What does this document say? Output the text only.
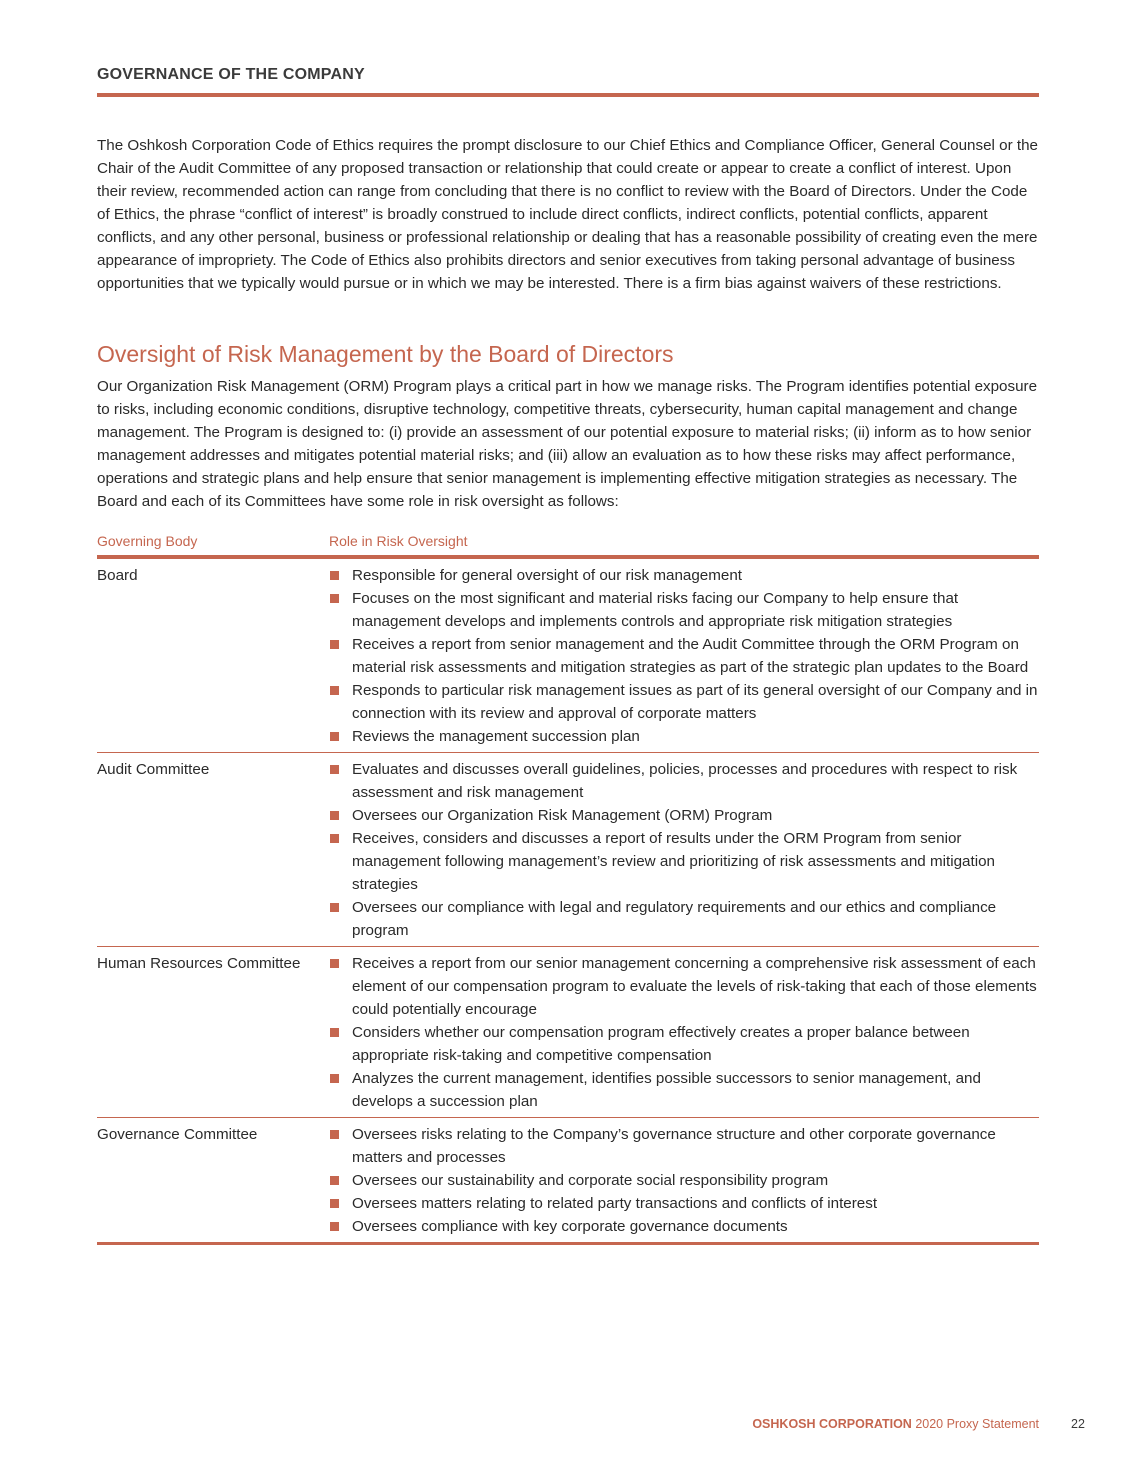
GOVERNANCE OF THE COMPANY

The Oshkosh Corporation Code of Ethics requires the prompt disclosure to our Chief Ethics and Compliance Officer, General Counsel or the Chair of the Audit Committee of any proposed transaction or relationship that could create or appear to create a conflict of interest. Upon their review, recommended action can range from concluding that there is no conflict to review with the Board of Directors. Under the Code of Ethics, the phrase “conflict of interest” is broadly construed to include direct conflicts, indirect conflicts, potential conflicts, apparent conflicts, and any other personal, business or professional relationship or dealing that has a reasonable possibility of creating even the mere appearance of impropriety. The Code of Ethics also prohibits directors and senior executives from taking personal advantage of business opportunities that we typically would pursue or in which we may be interested. There is a firm bias against waivers of these restrictions.

Oversight of Risk Management by the Board of Directors

Our Organization Risk Management (ORM) Program plays a critical part in how we manage risks. The Program identifies potential exposure to risks, including economic conditions, disruptive technology, competitive threats, cybersecurity, human capital management and change management. The Program is designed to: (i) provide an assessment of our potential exposure to material risks; (ii) inform as to how senior management addresses and mitigates potential material risks; and (iii) allow an evaluation as to how these risks may affect performance, operations and strategic plans and help ensure that senior management is implementing effective mitigation strategies as necessary. The Board and each of its Committees have some role in risk oversight as follows:

Governing Body	Role in Risk Oversight
Board	Responsible for general oversight of our risk management
Focuses on the most significant and material risks facing our Company to help ensure that management develops and implements controls and appropriate risk mitigation strategies
Receives a report from senior management and the Audit Committee through the ORM Program on material risk assessments and mitigation strategies as part of the strategic plan updates to the Board
Responds to particular risk management issues as part of its general oversight of our Company and in connection with its review and approval of corporate matters
Reviews the management succession plan
Audit Committee	Evaluates and discusses overall guidelines, policies, processes and procedures with respect to risk assessment and risk management
Oversees our Organization Risk Management (ORM) Program
Receives, considers and discusses a report of results under the ORM Program from senior management following management’s review and prioritizing of risk assessments and mitigation strategies
Oversees our compliance with legal and regulatory requirements and our ethics and compliance program
Human Resources Committee	Receives a report from our senior management concerning a comprehensive risk assessment of each element of our compensation program to evaluate the levels of risk-taking that each of those elements could potentially encourage
Considers whether our compensation program effectively creates a proper balance between appropriate risk-taking and competitive compensation
Analyzes the current management, identifies possible successors to senior management, and develops a succession plan
Governance Committee	Oversees risks relating to the Company’s governance structure and other corporate governance matters and processes
Oversees our sustainability and corporate social responsibility program
Oversees matters relating to related party transactions and conflicts of interest
Oversees compliance with key corporate governance documents
OSHKOSH CORPORATION 2020 Proxy Statement	22
